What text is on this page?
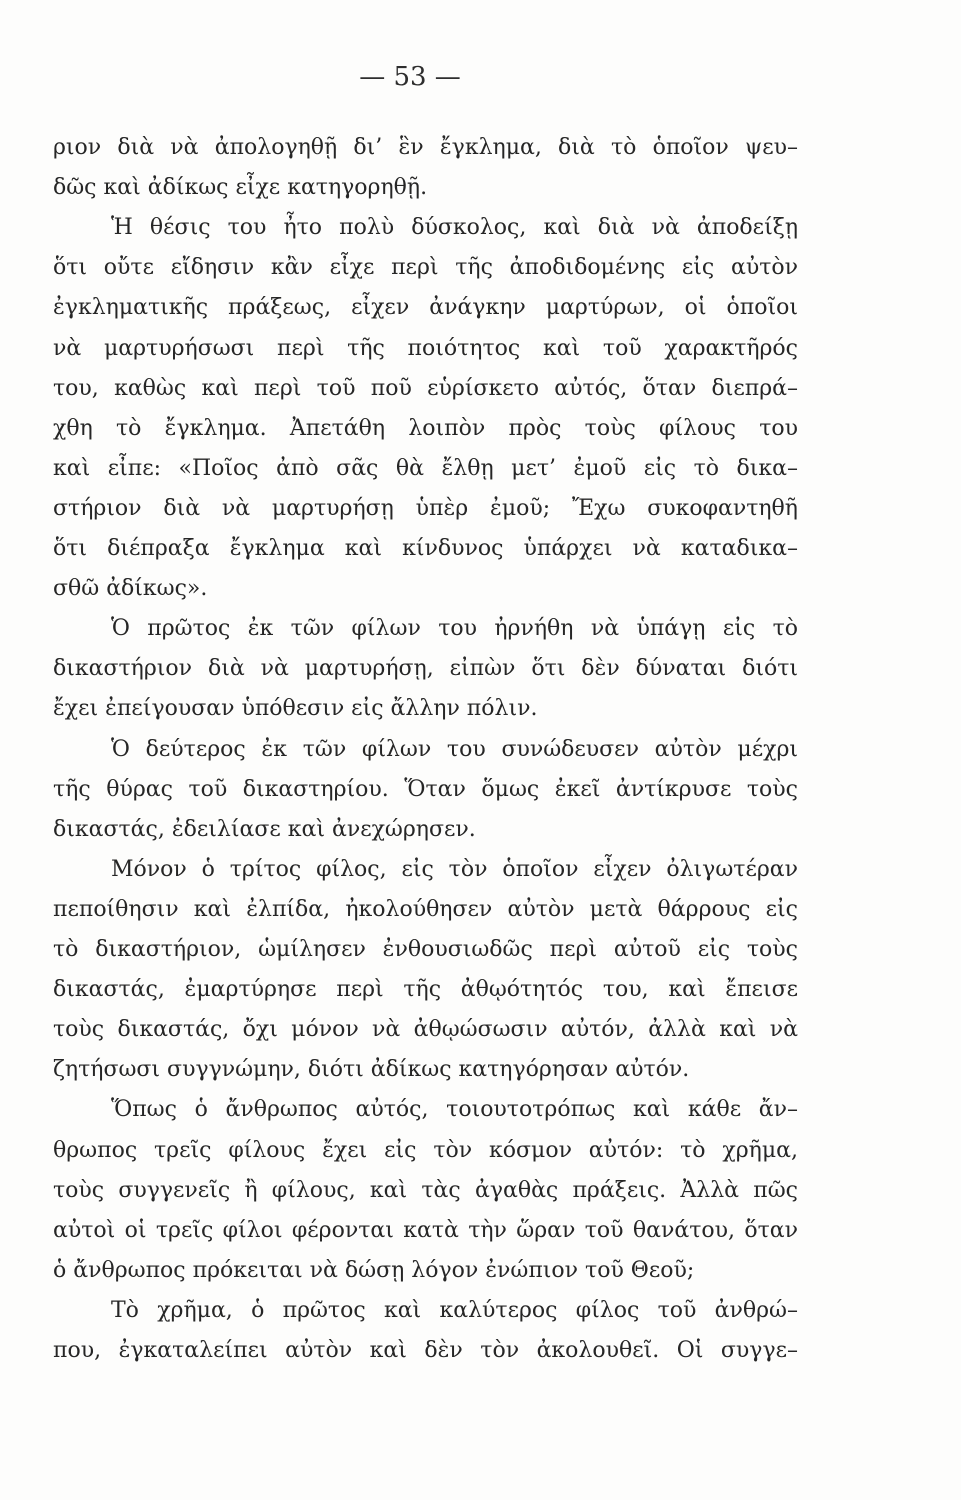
— 53 —
ριον διὰ νὰ ἀπολογηθῇ δι’ ἓν ἔγκλημα, διὰ τὸ ὁποῖον ψευ–
δῶς καὶ ἀδίκως εἶχε κατηγορηθῇ.
Ἡ θέσις του ἦτο πολὺ δύσκολος, καὶ διὰ νὰ ἀποδείξῃ
ὅτι οὔτε εἴδησιν κἂν εἶχε περὶ τῆς ἀποδιδομένης εἰς αὐτὸν
ἐγκληματικῆς πράξεως, εἶχεν ἀνάγκην μαρτύρων, οἱ ὁποῖοι
νὰ μαρτυρήσωσι περὶ τῆς ποιότητος καὶ τοῦ χαρακτῆρός
του, καθὼς καὶ περὶ τοῦ ποῦ εὑρίσκετο αὐτός, ὅταν διεπρά–
χθη τὸ ἔγκλημα. Ἀπετάθη λοιπὸν πρὸς τοὺς φίλους του
καὶ εἶπε: «Ποῖος ἀπὸ σᾶς θὰ ἔλθῃ μετ’ ἐμοῦ εἰς τὸ δικα–
στήριον διὰ νὰ μαρτυρήσῃ ὑπὲρ ἐμοῦ; Ἔχω συκοφαντηθῆ
ὅτι διέπραξα ἔγκλημα καὶ κίνδυνος ὑπάρχει νὰ καταδικα–
σθῶ ἀδίκως».
Ὁ πρῶτος ἐκ τῶν φίλων του ἠρνήθη νὰ ὑπάγῃ εἰς τὸ
δικαστήριον διὰ νὰ μαρτυρήσῃ, εἰπὼν ὅτι δὲν δύναται διότι
ἔχει ἐπείγουσαν ὑπόθεσιν εἰς ἄλλην πόλιν.
Ὁ δεύτερος ἐκ τῶν φίλων του συνώδευσεν αὐτὸν μέχρι
τῆς θύρας τοῦ δικαστηρίου. Ὅταν ὅμως ἐκεῖ ἀντίκρυσε τοὺς
δικαστάς, ἐδειλίασε καὶ ἀνεχώρησεν.
Μόνον ὁ τρίτος φίλος, εἰς τὸν ὁποῖον εἶχεν ὀλιγωτέραν
πεποίθησιν καὶ ἐλπίδα, ἠκολούθησεν αὐτὸν μετὰ θάρρους εἰς
τὸ δικαστήριον, ὡμίλησεν ἐνθουσιωδῶς περὶ αὐτοῦ εἰς τοὺς
δικαστάς, ἐμαρτύρησε περὶ τῆς ἀθῳότητός του, καὶ ἔπεισε
τοὺς δικαστάς, ὄχι μόνον νὰ ἀθῳώσωσιν αὐτόν, ἀλλὰ καὶ νὰ
ζητήσωσι συγγνώμην, διότι ἀδίκως κατηγόρησαν αὐτόν.
Ὅπως ὁ ἄνθρωπος αὐτός, τοιουτοτρόπως καὶ κάθε ἄν–
θρωπος τρεῖς φίλους ἔχει εἰς τὸν κόσμον αὐτόν: τὸ χρῆμα,
τοὺς συγγενεῖς ἢ φίλους, καὶ τὰς ἀγαθὰς πράξεις. Ἀλλὰ πῶς
αὐτοὶ οἱ τρεῖς φίλοι φέρονται κατὰ τὴν ὥραν τοῦ θανάτου, ὅταν
ὁ ἄνθρωπος πρόκειται νὰ δώσῃ λόγον ἐνώπιον τοῦ Θεοῦ;
Τὸ χρῆμα, ὁ πρῶτος καὶ καλύτερος φίλος τοῦ ἀνθρώ–
που, ἐγκαταλείπει αὐτὸν καὶ δὲν τὸν ἀκολουθεῖ. Οἱ συγγε–
